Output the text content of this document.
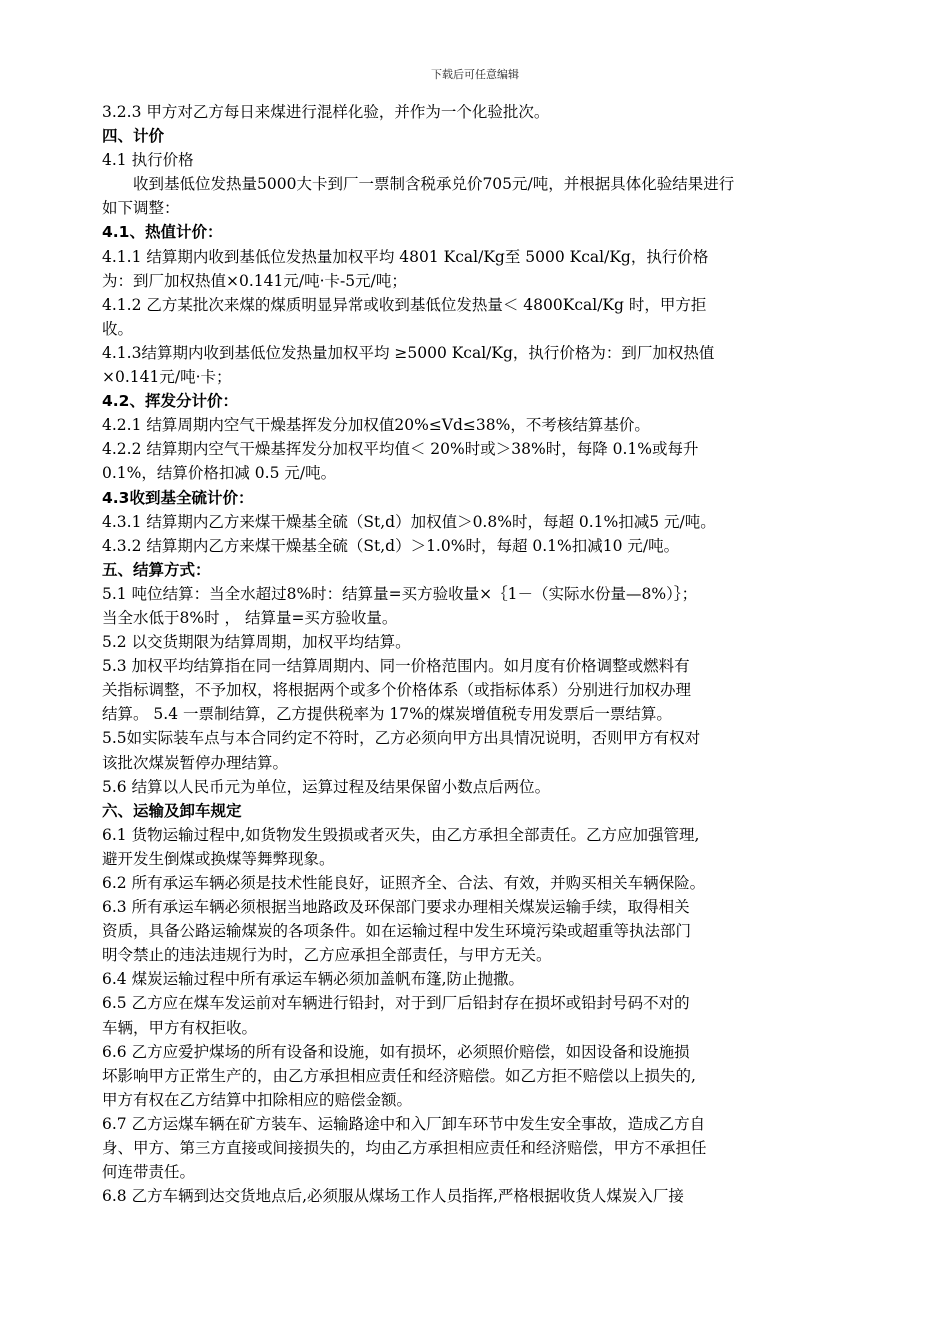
下载后可任意编辑
3.2.3 甲方对乙方每日来煤进行混样化验，并作为一个化验批次。
四、计价
4.1 执行价格
收到基低位发热量5000大卡到厂一票制含税承兑价705元/吨，并根据具体化验结果进行
如下调整：
4.1、热值计价：
4.1.1 结算期内收到基低位发热量加权平均 4801 Kcal/Kg至 5000 Kcal/Kg，执行价格
为：到厂加权热值×0.141元/吨·卡-5元/吨；
4.1.2 乙方某批次来煤的煤质明显异常或收到基低位发热量＜ 4800Kcal/Kg 时，甲方拒
收。
4.1.3结算期内收到基低位发热量加权平均 ≥5000 Kcal/Kg，执行价格为：到厂加权热值
×0.141元/吨·卡；
4.2、挥发分计价：
4.2.1 结算周期内空气干燥基挥发分加权值20%≤Vd≤38%，不考核结算基价。
4.2.2 结算期内空气干燥基挥发分加权平均值＜ 20%时或＞38%时，每降 0.1%或每升
0.1%，结算价格扣减 0.5 元/吨。
4.3收到基全硫计价：
4.3.1 结算期内乙方来煤干燥基全硫（St,d）加权值＞0.8%时，每超 0.1%扣减5 元/吨。
4.3.2 结算期内乙方来煤干燥基全硫（St,d）＞1.0%时，每超 0.1%扣减10 元/吨。
五、结算方式：
5.1 吨位结算：当全水超过8%时：结算量=买方验收量×｛1－（实际水份量—8%）｝；
当全水低于8%时 ， 结算量=买方验收量。
5.2 以交货期限为结算周期，加权平均结算。
5.3 加权平均结算指在同一结算周期内、同一价格范围内。如月度有价格调整或燃料有
关指标调整，不予加权，将根据两个或多个价格体系（或指标体系）分别进行加权办理
结算。 5.4 一票制结算，乙方提供税率为 17%的煤炭增值税专用发票后一票结算。
5.5如实际装车点与本合同约定不符时，乙方必须向甲方出具情况说明，否则甲方有权对
该批次煤炭暂停办理结算。
5.6 结算以人民币元为单位，运算过程及结果保留小数点后两位。
六、运输及卸车规定
6.1 货物运输过程中,如货物发生毁损或者灭失，由乙方承担全部责任。乙方应加强管理,
避开发生倒煤或换煤等舞弊现象。
6.2 所有承运车辆必须是技术性能良好，证照齐全、合法、有效，并购买相关车辆保险。
6.3 所有承运车辆必须根据当地路政及环保部门要求办理相关煤炭运输手续，取得相关
资质，具备公路运输煤炭的各项条件。如在运输过程中发生环境污染或超重等执法部门
明令禁止的违法违规行为时，乙方应承担全部责任，与甲方无关。
6.4 煤炭运输过程中所有承运车辆必须加盖帆布篷,防止抛撒。
6.5 乙方应在煤车发运前对车辆进行铅封，对于到厂后铅封存在损坏或铅封号码不对的
车辆，甲方有权拒收。
6.6 乙方应爱护煤场的所有设备和设施，如有损坏，必须照价赔偿，如因设备和设施损
坏影响甲方正常生产的，由乙方承担相应责任和经济赔偿。如乙方拒不赔偿以上损失的,
甲方有权在乙方结算中扣除相应的赔偿金额。
6.7 乙方运煤车辆在矿方装车、运输路途中和入厂卸车环节中发生安全事故，造成乙方自
身、甲方、第三方直接或间接损失的，均由乙方承担相应责任和经济赔偿，甲方不承担任
何连带责任。
6.8 乙方车辆到达交货地点后,必须服从煤场工作人员指挥,严格根据收货人煤炭入厂接
